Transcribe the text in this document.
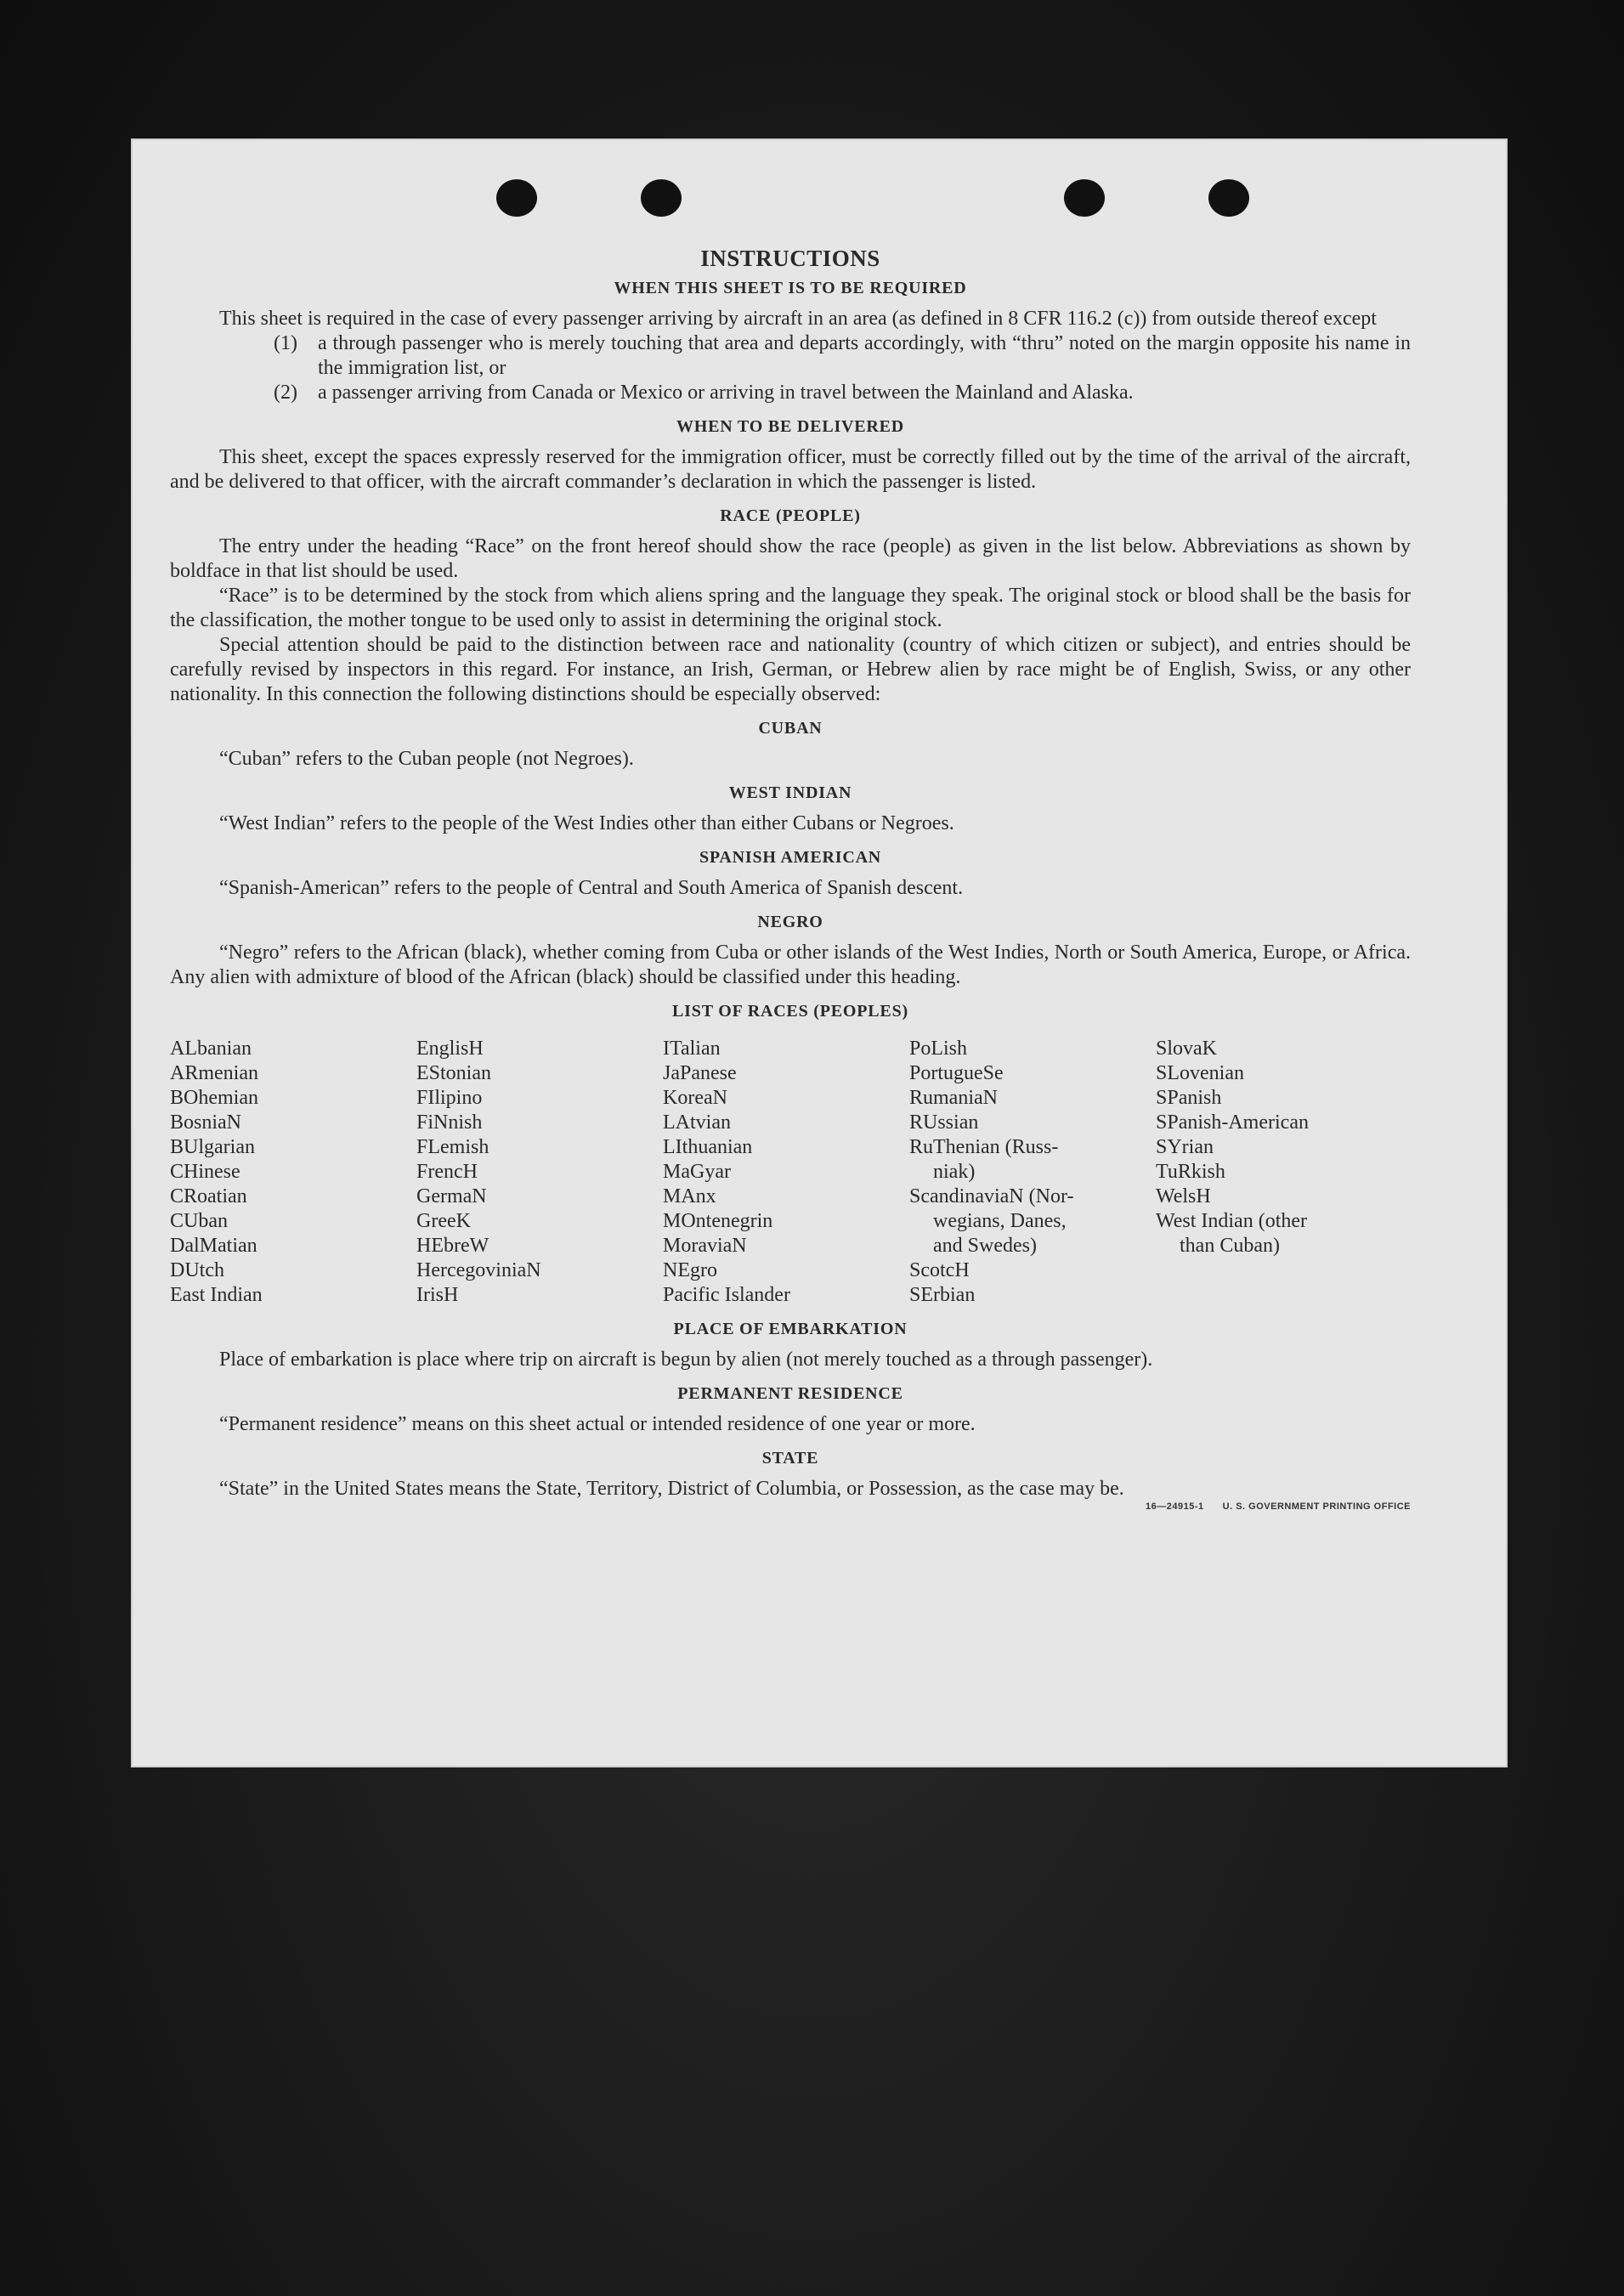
INSTRUCTIONS
WHEN THIS SHEET IS TO BE REQUIRED

This sheet is required in the case of every passenger arriving by aircraft in an area (as defined in 8 CFR 116.2 (c)) from outside thereof except

(1)	a through passenger who is merely touching that area and departs accordingly, with “thru” noted on the margin opposite his name in the immigration list, or
(2)	a passenger arriving from Canada or Mexico or arriving in travel between the Mainland and Alaska.
WHEN TO BE DELIVERED

This sheet, except the spaces expressly reserved for the immigration officer, must be correctly filled out by the time of the arrival of the aircraft, and be delivered to that officer, with the aircraft commander’s declaration in which the passenger is listed.

RACE (PEOPLE)

The entry under the heading “Race” on the front hereof should show the race (people) as given in the list below. Abbreviations as shown by boldface in that list should be used.

“Race” is to be determined by the stock from which aliens spring and the language they speak. The original stock or blood shall be the basis for the classification, the mother tongue to be used only to assist in determining the original stock.

Special attention should be paid to the distinction between race and nationality (country of which citizen or subject), and entries should be carefully revised by inspectors in this regard. For instance, an Irish, German, or Hebrew alien by race might be of English, Swiss, or any other nationality. In this connection the following distinctions should be especially observed:

CUBAN

“Cuban” refers to the Cuban people (not Negroes).

WEST INDIAN

“West Indian” refers to the people of the West Indies other than either Cubans or Negroes.

SPANISH AMERICAN

“Spanish-American” refers to the people of Central and South America of Spanish descent.

NEGRO

“Negro” refers to the African (black), whether coming from Cuba or other islands of the West Indies, North or South America, Europe, or Africa. Any alien with admixture of blood of the African (black) should be classified under this heading.

LIST OF RACES (PEOPLES)
ALbanian
ARmenian
BOhemian
BosniaN
BUlgarian
CHinese
CRoatian
CUban
DalMatian
DUtch
East Indian
EnglisH
EStonian
FIlipino
FiNnish
FLemish
FrencH
GermaN
GreeK
HEbreW
HercegoviniaN
IrisH
ITalian
JaPanese
KoreaN
LAtvian
LIthuanian
MaGyar
MAnx
MOntenegrin
MoraviaN
NEgro
Pacific Islander
PoLish
PortugueSe
RumaniaN
RUssian
RuThenian (Russ-
niak)
ScandinaviaN (Nor-
wegians, Danes,
and Swedes)
ScotcH
SErbian
SlovaK
SLovenian
SPanish
SPanish-American
SYrian
TuRkish
WelsH
West Indian (other
than Cuban)
PLACE OF EMBARKATION

Place of embarkation is place where trip on aircraft is begun by alien (not merely touched as a through passenger).

PERMANENT RESIDENCE

“Permanent residence” means on this sheet actual or intended residence of one year or more.

STATE

“State” in the United States means the State, Territory, District of Columbia, or Possession, as the case may be.

16—24915-1 U. S. GOVERNMENT PRINTING OFFICE
